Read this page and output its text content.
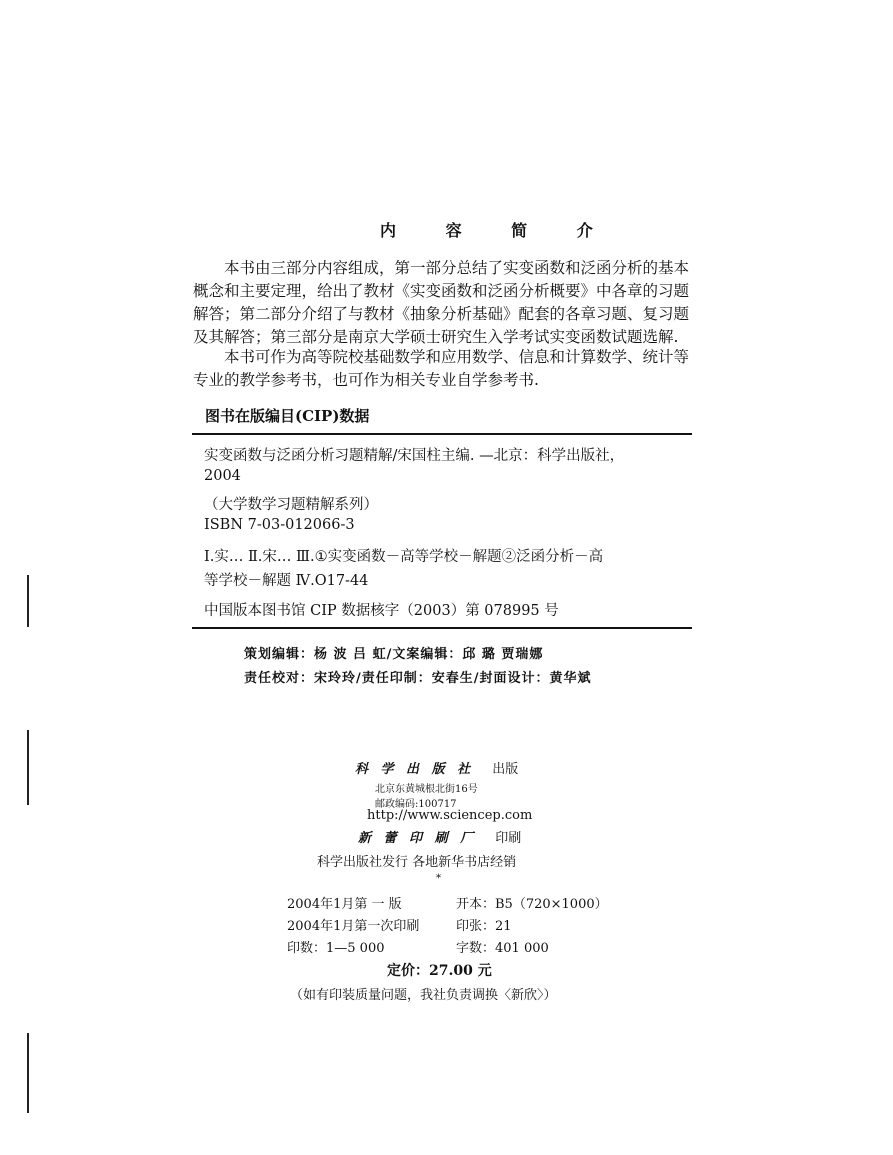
内 容 简 介
本书由三部分内容组成，第一部分总结了实变函数和泛函分析的基本概念和主要定理，给出了教材《实变函数和泛函分析概要》中各章的习题解答；第二部分介绍了与教材《抽象分析基础》配套的各章习题、复习题及其解答；第三部分是南京大学硕士研究生入学考试实变函数试题选解.
本书可作为高等院校基础数学和应用数学、信息和计算数学、统计等专业的教学参考书，也可作为相关专业自学参考书.
图书在版编目(CIP)数据
实变函数与泛函分析习题精解/宋国柱主编. —北京：科学出版社，
2004
（大学数学习题精解系列）
ISBN 7-03-012066-3
Ⅰ.实… Ⅱ.宋… Ⅲ.①实变函数－高等学校－解题②泛函分析－高
等学校－解题 Ⅳ.O17-44
中国版本图书馆 CIP 数据核字（2003）第 078995 号
策划编辑：杨 波 吕 虹/文案编辑：邱 璐 贾瑞娜
责任校对：宋玲玲/责任印制：安春生/封面设计：黄华斌
科 学 出 版 社 出版
北京东黄城根北街16号
邮政编码:100717
http://www.sciencep.com
新 蕾 印 刷 厂 印刷
科学出版社发行 各地新华书店经销
*
2004年1月第 一 版	开本：B5（720×1000）
2004年1月第一次印刷	印张：21
印数：1—5 000	字数：401 000
定价：27.00 元
（如有印装质量问题，我社负责调换〈新欣〉）
